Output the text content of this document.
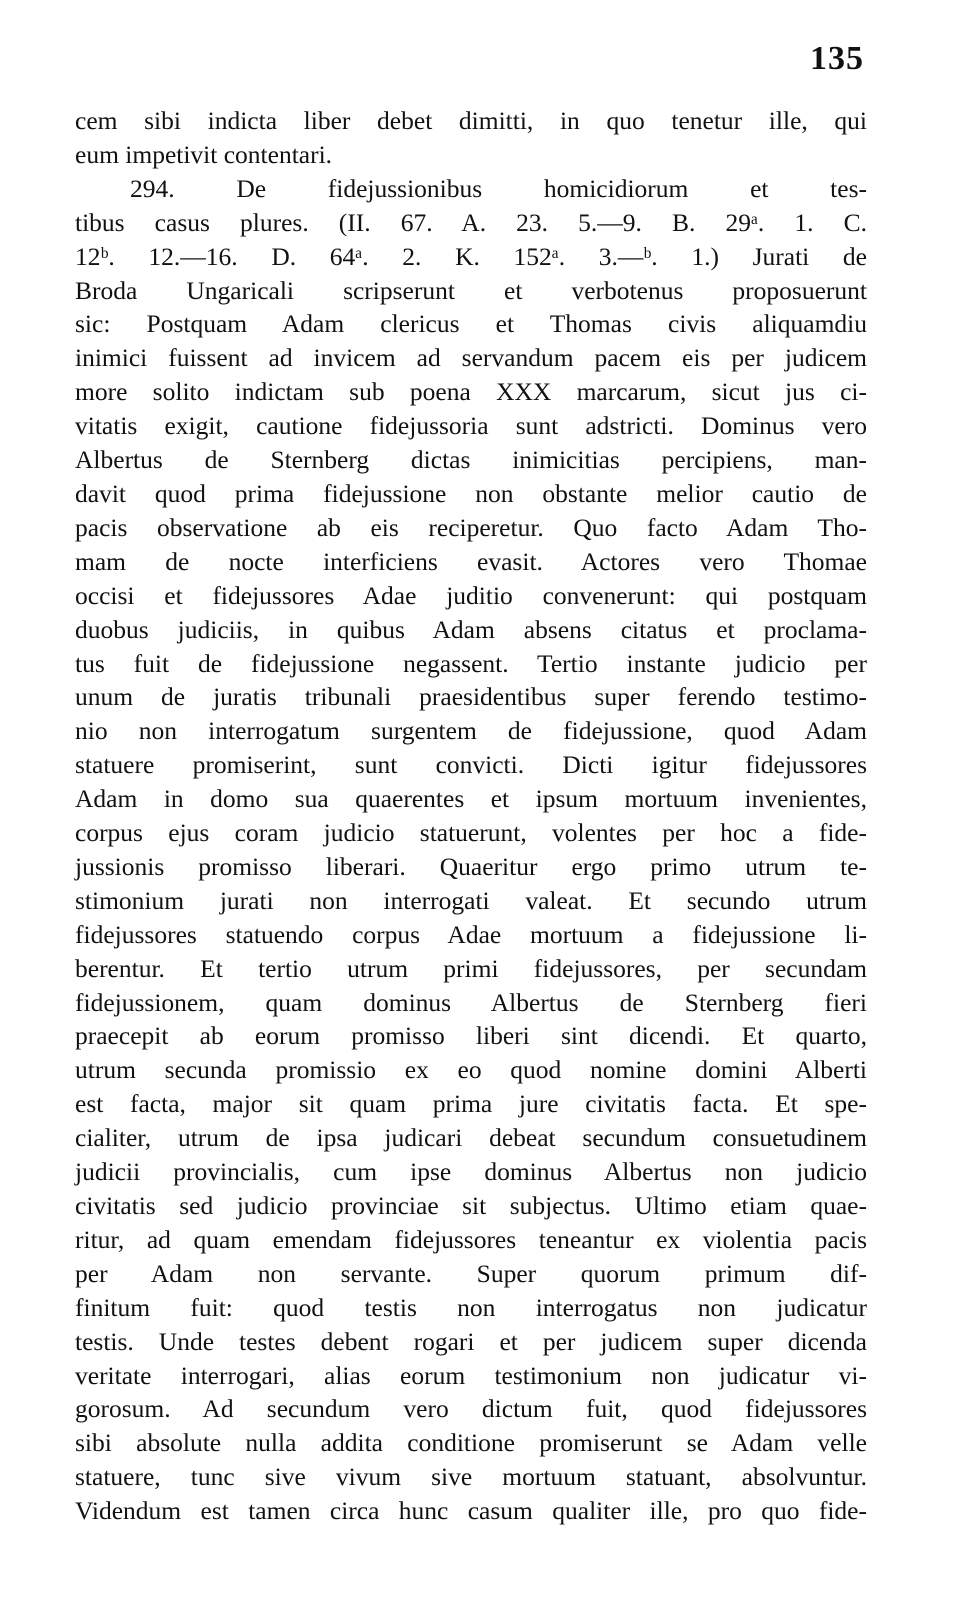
135
cem sibi indicta liber debet dimitti, in quo tenetur ille, qui
eum impetivit contentari.
294. De fidejussionibus homicidiorum et tes-
tibus casus plures. (II. 67. A. 23. 5.—9. B. 29ᵃ. 1. C.
12ᵇ. 12.—16. D. 64ᵃ. 2. K. 152ᵃ. 3.—ᵇ. 1.) Jurati de
Broda Ungaricali scripserunt et verbotenus proposuerunt
sic: Postquam Adam clericus et Thomas civis aliquamdiu
inimici fuissent ad invicem ad servandum pacem eis per judicem
more solito indictam sub poena XXX marcarum, sicut jus ci-
vitatis exigit, cautione fidejussoria sunt adstricti. Dominus vero
Albertus de Sternberg dictas inimicitias percipiens, man-
davit quod prima fidejussione non obstante melior cautio de
pacis observatione ab eis reciperetur. Quo facto Adam Tho-
mam de nocte interficiens evasit. Actores vero Thomae
occisi et fidejussores Adae juditio convenerunt: qui postquam
duobus judiciis, in quibus Adam absens citatus et proclama-
tus fuit de fidejussione negassent. Tertio instante judicio per
unum de juratis tribunali praesidentibus super ferendo testimo-
nio non interrogatum surgentem de fidejussione, quod Adam
statuere promiserint, sunt convicti. Dicti igitur fidejussores
Adam in domo sua quaerentes et ipsum mortuum invenientes,
corpus ejus coram judicio statuerunt, volentes per hoc a fide-
jussionis promisso liberari. Quaeritur ergo primo utrum te-
stimonium jurati non interrogati valeat. Et secundo utrum
fidejussores statuendo corpus Adae mortuum a fidejussione li-
berentur. Et tertio utrum primi fidejussores, per secundam
fidejussionem, quam dominus Albertus de Sternberg fieri
praecepit ab eorum promisso liberi sint dicendi. Et quarto,
utrum secunda promissio ex eo quod nomine domini Alberti
est facta, major sit quam prima jure civitatis facta. Et spe-
cialiter, utrum de ipsa judicari debeat secundum consuetudinem
judicii provincialis, cum ipse dominus Albertus non judicio
civitatis sed judicio provinciae sit subjectus. Ultimo etiam quae-
ritur, ad quam emendam fidejussores teneantur ex violentia pacis
per Adam non servante. Super quorum primum dif-
finitum fuit: quod testis non interrogatus non judicatur
testis. Unde testes debent rogari et per judicem super dicenda
veritate interrogari, alias eorum testimonium non judicatur vi-
gorosum. Ad secundum vero dictum fuit, quod fidejussores
sibi absolute nulla addita conditione promiserunt se Adam velle
statuere, tunc sive vivum sive mortuum statuant, absolvuntur.
Videndum est tamen circa hunc casum qualiter ille, pro quo fide-
